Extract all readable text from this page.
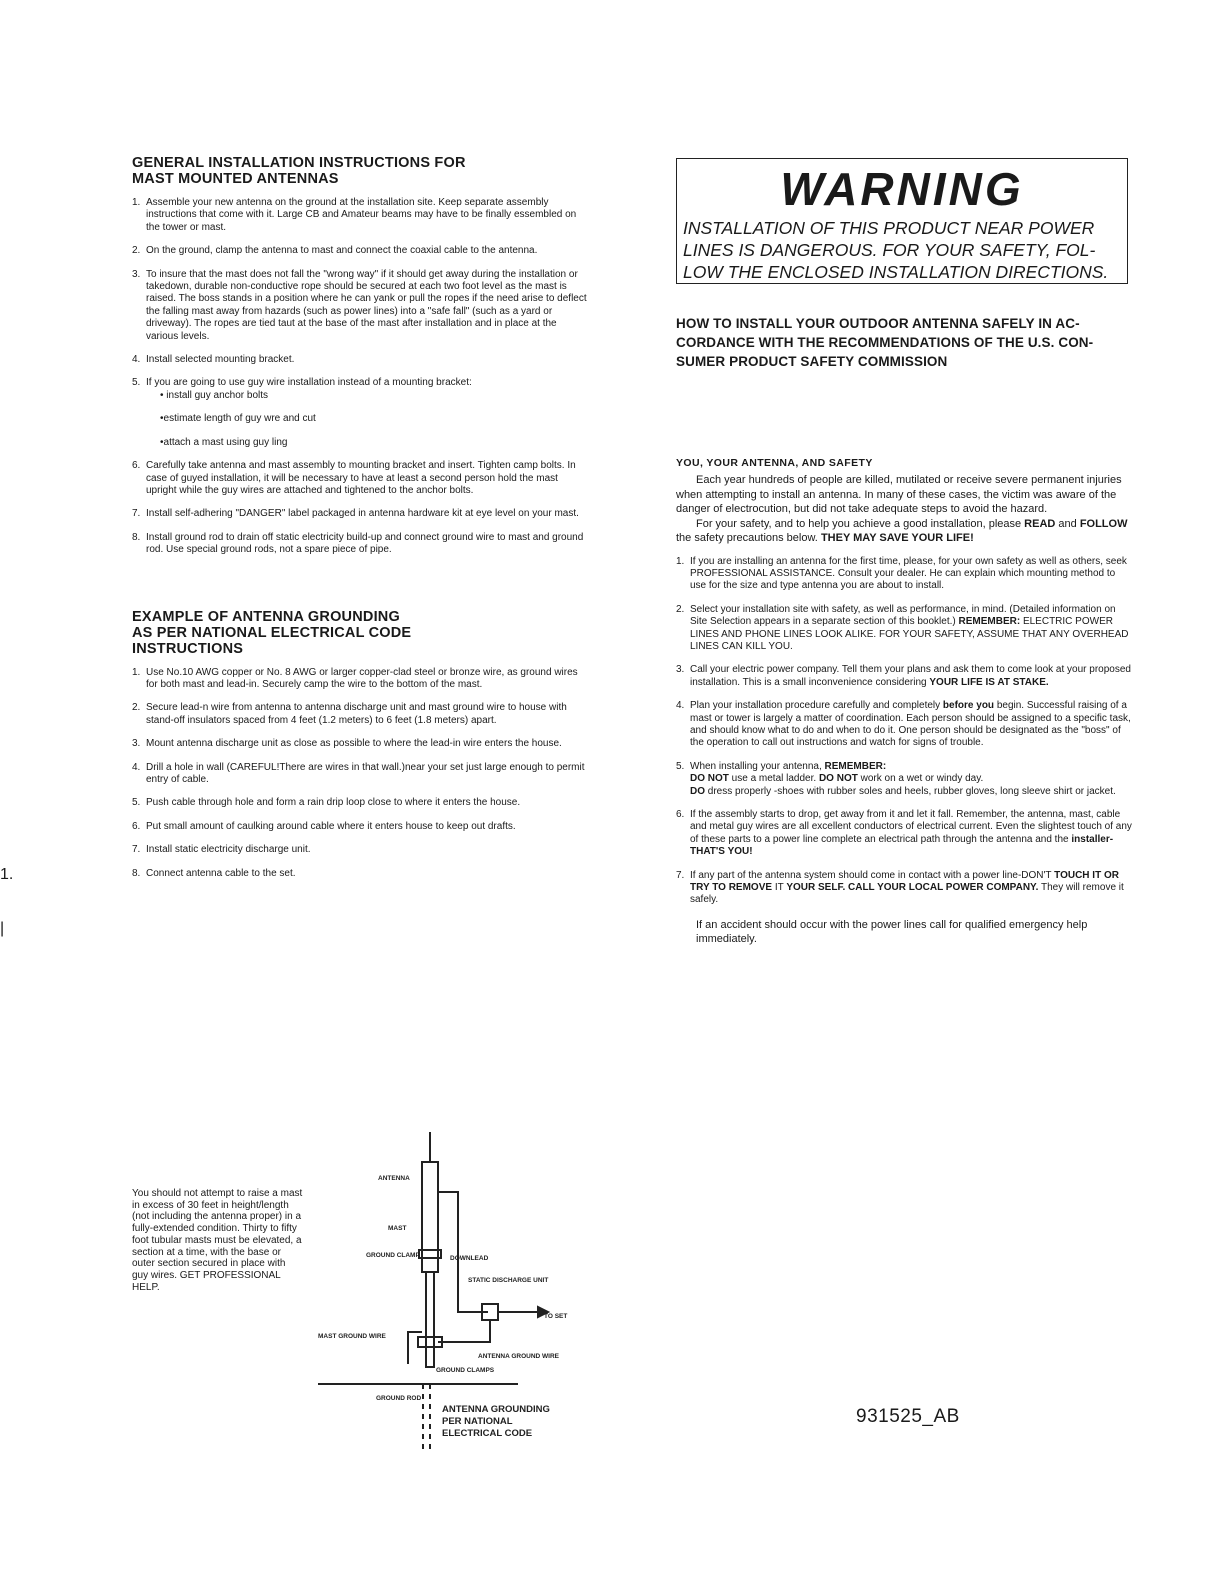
GENERAL INSTALLATION INSTRUCTIONS FOR
MAST MOUNTED ANTENNAS
1. Assemble your new antenna on the ground at the installation site. Keep separate assembly instructions that come with it. Large CB and Amateur beams may have to be finally essembled on the tower or mast.
2. On the ground, clamp the antenna to mast and connect the coaxial cable to the antenna.
3. To insure that the mast does not fall the "wrong way" if it should get away during the installation or takedown, durable non-conductive rope should be secured at each two foot level as the mast is raised. The boss stands in a position where he can yank or pull the ropes if the need arise to deflect the falling mast away from hazards (such as power lines) into a "safe fall" (such as a yard or driveway). The ropes are tied taut at the base of the mast after installation and in place at the various levels.
4. Install selected mounting bracket.
5. If you are going to use guy wire installation instead of a mounting bracket:
• install guy anchor bolts
•estimate length of guy wre and cut
•attach a mast using guy ling
6. Carefully take antenna and mast assembly to mounting bracket and insert. Tighten camp bolts. In case of guyed installation, it will be necessary to have at least a second person hold the mast upright while the guy wires are attached and tightened to the anchor bolts.
7. Install self-adhering "DANGER" label packaged in antenna hardware kit at eye level on your mast.
8. Install ground rod to drain off static electricity build-up and connect ground wire to mast and ground rod. Use special ground rods, not a spare piece of pipe.
EXAMPLE OF ANTENNA GROUNDING
AS PER NATIONAL ELECTRICAL CODE
INSTRUCTIONS
1. Use No.10 AWG copper or No. 8 AWG or larger copper-clad steel or bronze wire, as ground wires for both mast and lead-in. Securely camp the wire to the bottom of the mast.
2. Secure lead-n wire from antenna to antenna discharge unit and mast ground wire to house with stand-off insulators spaced from 4 feet (1.2 meters) to 6 feet (1.8 meters) apart.
3. Mount antenna discharge unit as close as possible to where the lead-in wire enters the house.
4. Drill a hole in wall (CAREFUL!There are wires in that wall.)near your set just large enough to permit entry of cable.
5. Push cable through hole and form a rain drip loop close to where it enters the house.
6. Put small amount of caulking around cable where it enters house to keep out drafts.
7. Install static electricity discharge unit.
8. Connect antenna cable to the set.
You should not attempt to raise a mast in excess of 30 feet in height/length (not including the antenna proper) in a fully-extended condition. Thirty to fifty foot tubular masts must be elevated, a section at a time, with the base or outer section secured in place with guy wires. GET PROFESSIONAL HELP.
ANTENNA
MAST
GROUND CLAMP	DOWNLEAD
STATIC DISCHARGE UNIT
TO SET
MAST GROUND WIRE
ANTENNA GROUND WIRE
GROUND CLAMPS
GROUND ROD
ANTENNA GROUNDING
PER NATIONAL
ELECTRICAL CODE
WARNING
INSTALLATION OF THIS PRODUCT NEAR POWER
LINES IS DANGEROUS. FOR YOUR SAFETY, FOL-
LOW THE ENCLOSED INSTALLATION DIRECTIONS.
HOW TO INSTALL YOUR OUTDOOR ANTENNA SAFELY IN AC-
CORDANCE WITH THE RECOMMENDATIONS OF THE U.S. CON-
SUMER PRODUCT SAFETY COMMISSION
YOU, YOUR ANTENNA, AND SAFETY

Each year hundreds of people are killed, mutilated or receive severe permanent injuries when attempting to install an antenna. In many of these cases, the victim was aware of the danger of electrocution, but did not take adequate steps to avoid the hazard.

For your safety, and to help you achieve a good installation, please READ and FOLLOW the safety precautions below. THEY MAY SAVE YOUR LIFE!

1. If you are installing an antenna for the first time, please, for your own safety as well as others, seek PROFESSIONAL ASSISTANCE. Consult your dealer. He can explain which mounting method to use for the size and type antenna you are about to install.
2. Select your installation site with safety, as well as performance, in mind. (Detailed information on Site Selection appears in a separate section of this booklet.) REMEMBER: ELECTRIC POWER LINES AND PHONE LINES LOOK ALIKE. FOR YOUR SAFETY, ASSUME THAT ANY OVERHEAD LINES CAN KILL YOU.
3. Call your electric power company. Tell them your plans and ask them to come look at your proposed installation. This is a small inconvenience considering YOUR LIFE IS AT STAKE.
4. Plan your installation procedure carefully and completely before you begin. Successful raising of a mast or tower is largely a matter of coordination. Each person should be assigned to a specific task, and should know what to do and when to do it. One person should be designated as the "boss" of the operation to call out instructions and watch for signs of trouble.
5. When installing your antenna, REMEMBER:
DO NOT use a metal ladder. DO NOT work on a wet or windy day.
DO dress properly -shoes with rubber soles and heels, rubber gloves, long sleeve shirt or jacket.
6. If the assembly starts to drop, get away from it and let it fall. Remember, the antenna, mast, cable and metal guy wires are all excellent conductors of electrical current. Even the slightest touch of any of these parts to a power line complete an electrical path through the antenna and the installer-THAT'S YOU!
7. If any part of the antenna system should come in contact with a power line-DON'T TOUCH IT OR TRY TO REMOVE IT YOUR SELF. CALL YOUR LOCAL POWER COMPANY. They will remove it safely.
If an accident should occur with the power lines call for qualified emergency help immediately.
931525_AB
1.
|
